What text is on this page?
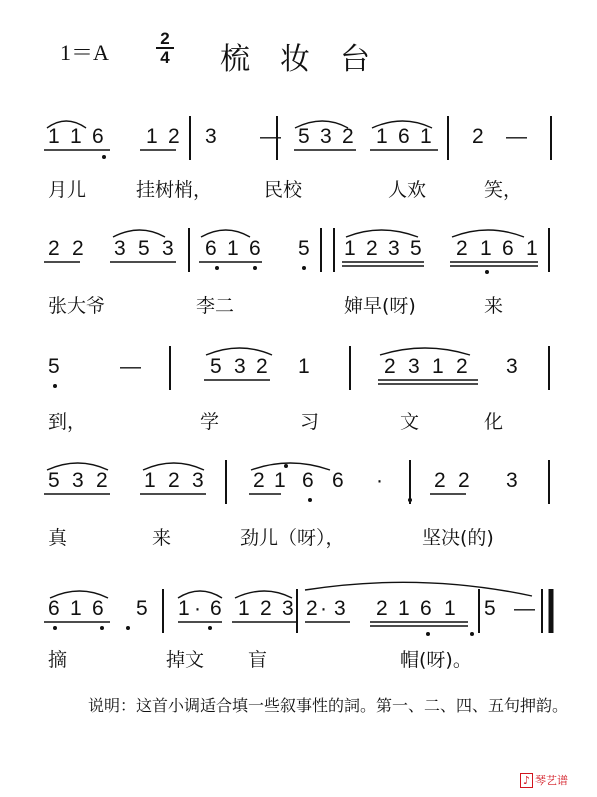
1＝A
2
4 梳妆台
1 1 6 1 2 3 — 5 3 2 1 6 1 2 —
2 2 3 5 3 6 1 6 5 1 2 3 5 2 1 6 1
5	—	5 3 2 1	2 3 1 2 3
5 3 2 1 2 3 2 1 6 6 · 2 2 3
6 1 6 5 1 · 6 1 2 3 2 · 3 2 1 6 1 5 —
月儿	挂树梢，	民校	人欢	笑，
张大爷	李二	婶早(呀)	来
到，	学	习	文	化
真	来	劲儿（呀），	坚决(的)
摘	掉文 盲	帽(呀)。
说明：这首小调适合填一些叙事性的詞。第一、二、四、五句押韵。
♪ 琴艺谱
